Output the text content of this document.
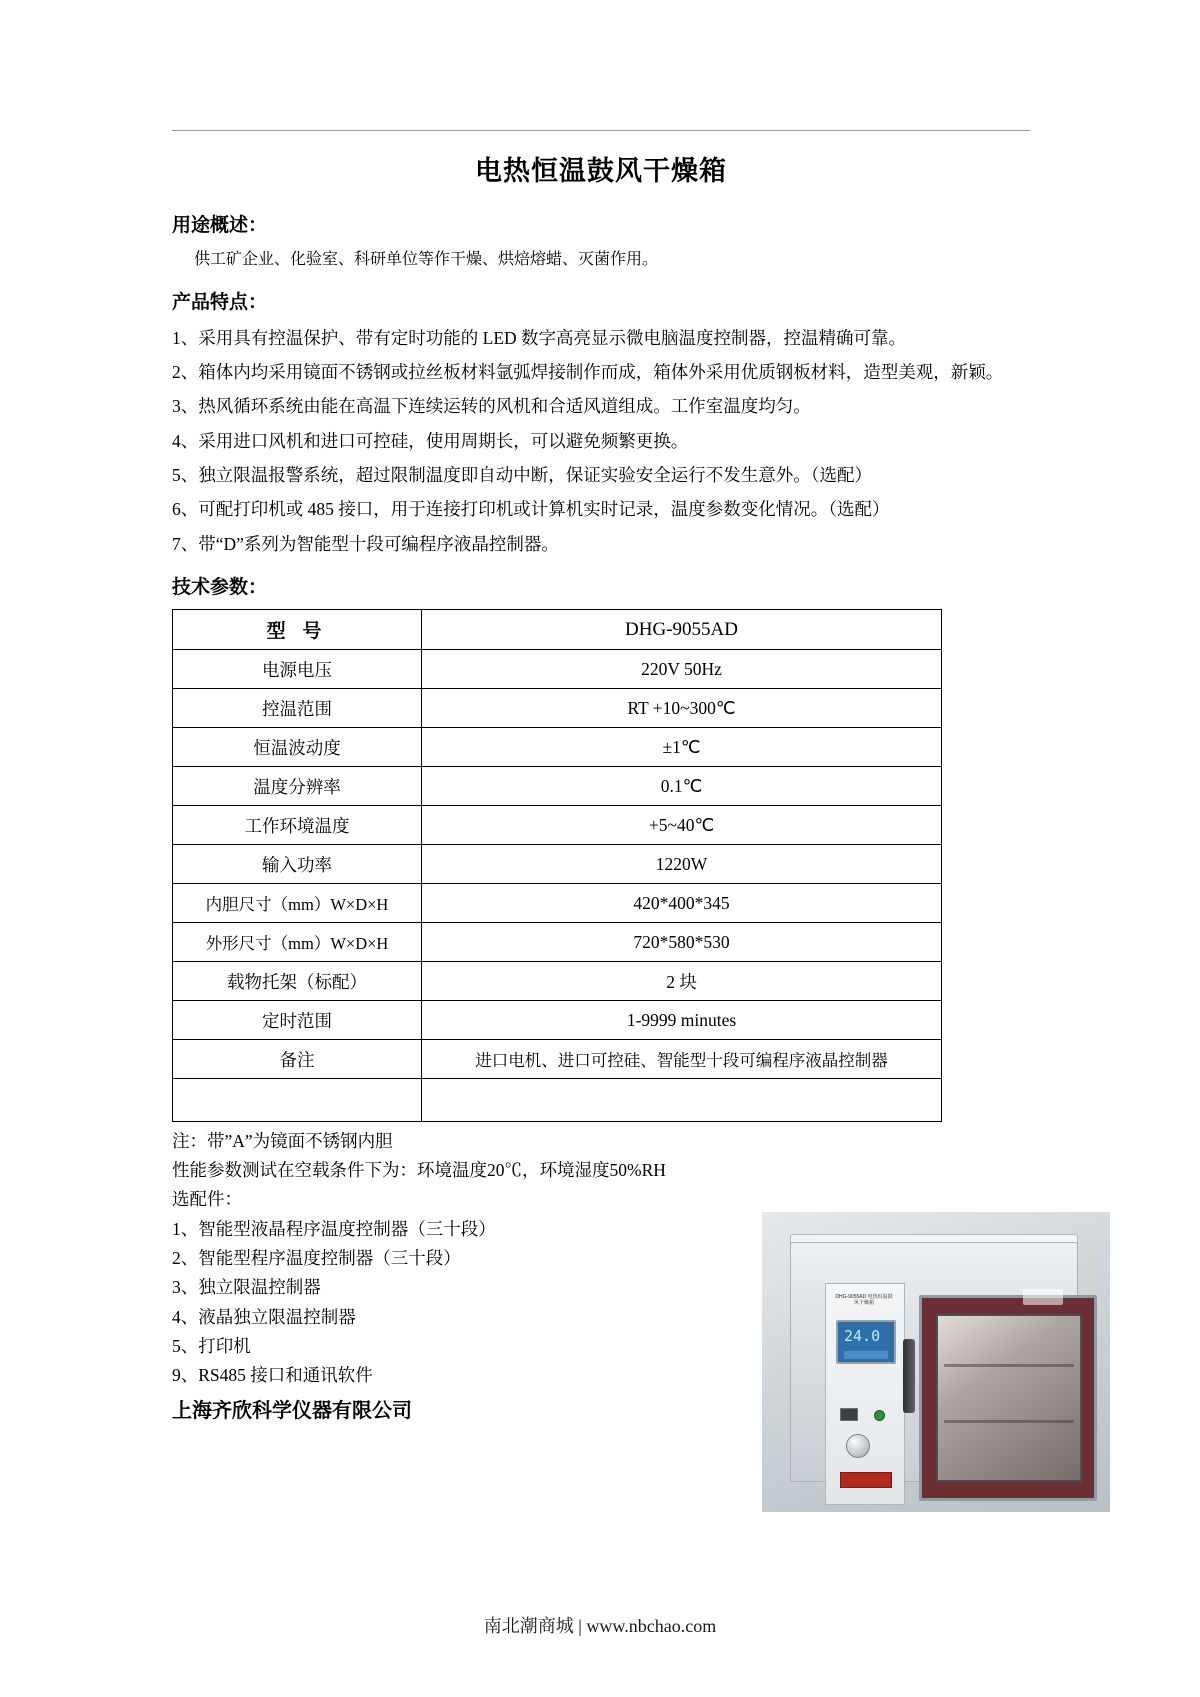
电热恒温鼓风干燥箱
用途概述：
供工矿企业、化验室、科研单位等作干燥、烘焙熔蜡、灭菌作用。
产品特点：
1、 采用具有控温保护、带有定时功能的 LED 数字高亮显示微电脑温度控制器，控温精确可靠。
2、 箱体内均采用镜面不锈钢或拉丝板材料氩弧焊接制作而成，箱体外采用优质钢板材料，造型美观，新颖。
3、 热风循环系统由能在高温下连续运转的风机和合适风道组成。工作室温度均匀。
4、 采用进口风机和进口可控硅，使用周期长，可以避免频繁更换。
5、 独立限温报警系统，超过限制温度即自动中断，保证实验安全运行不发生意外。（选配）
6、 可配打印机或 485 接口，用于连接打印机或计算机实时记录，温度参数变化情况。（选配）
7、 带“D”系列为智能型十段可编程序液晶控制器。
技术参数：
型 号	DHG-9055AD
电源电压	220V 50Hz
控温范围	RT +10~300℃
恒温波动度	±1℃
温度分辨率	0.1℃
工作环境温度	+5~40℃
输入功率	1220W
内胆尺寸（mm）W×D×H	420*400*345
外形尺寸（mm）W×D×H	720*580*530
载物托架（标配）	2 块
定时范围	1-9999 minutes
备注	进口电机、进口可控硅、智能型十段可编程序液晶控制器

注：带”A”为镜面不锈钢内胆
性能参数测试在空载条件下为：环境温度20℃，环境湿度50%RH
选配件：
1、 智能型液晶程序温度控制器（三十段）
2、 智能型程序温度控制器（三十段）
3、 独立限温控制器
4、 液晶独立限温控制器
5、 打印机
9、 RS485 接口和通讯软件
上海齐欣科学仪器有限公司
DHG-9055AD 电热恒温鼓风干燥箱
24.0
南北潮商城 | www.nbchao.com
